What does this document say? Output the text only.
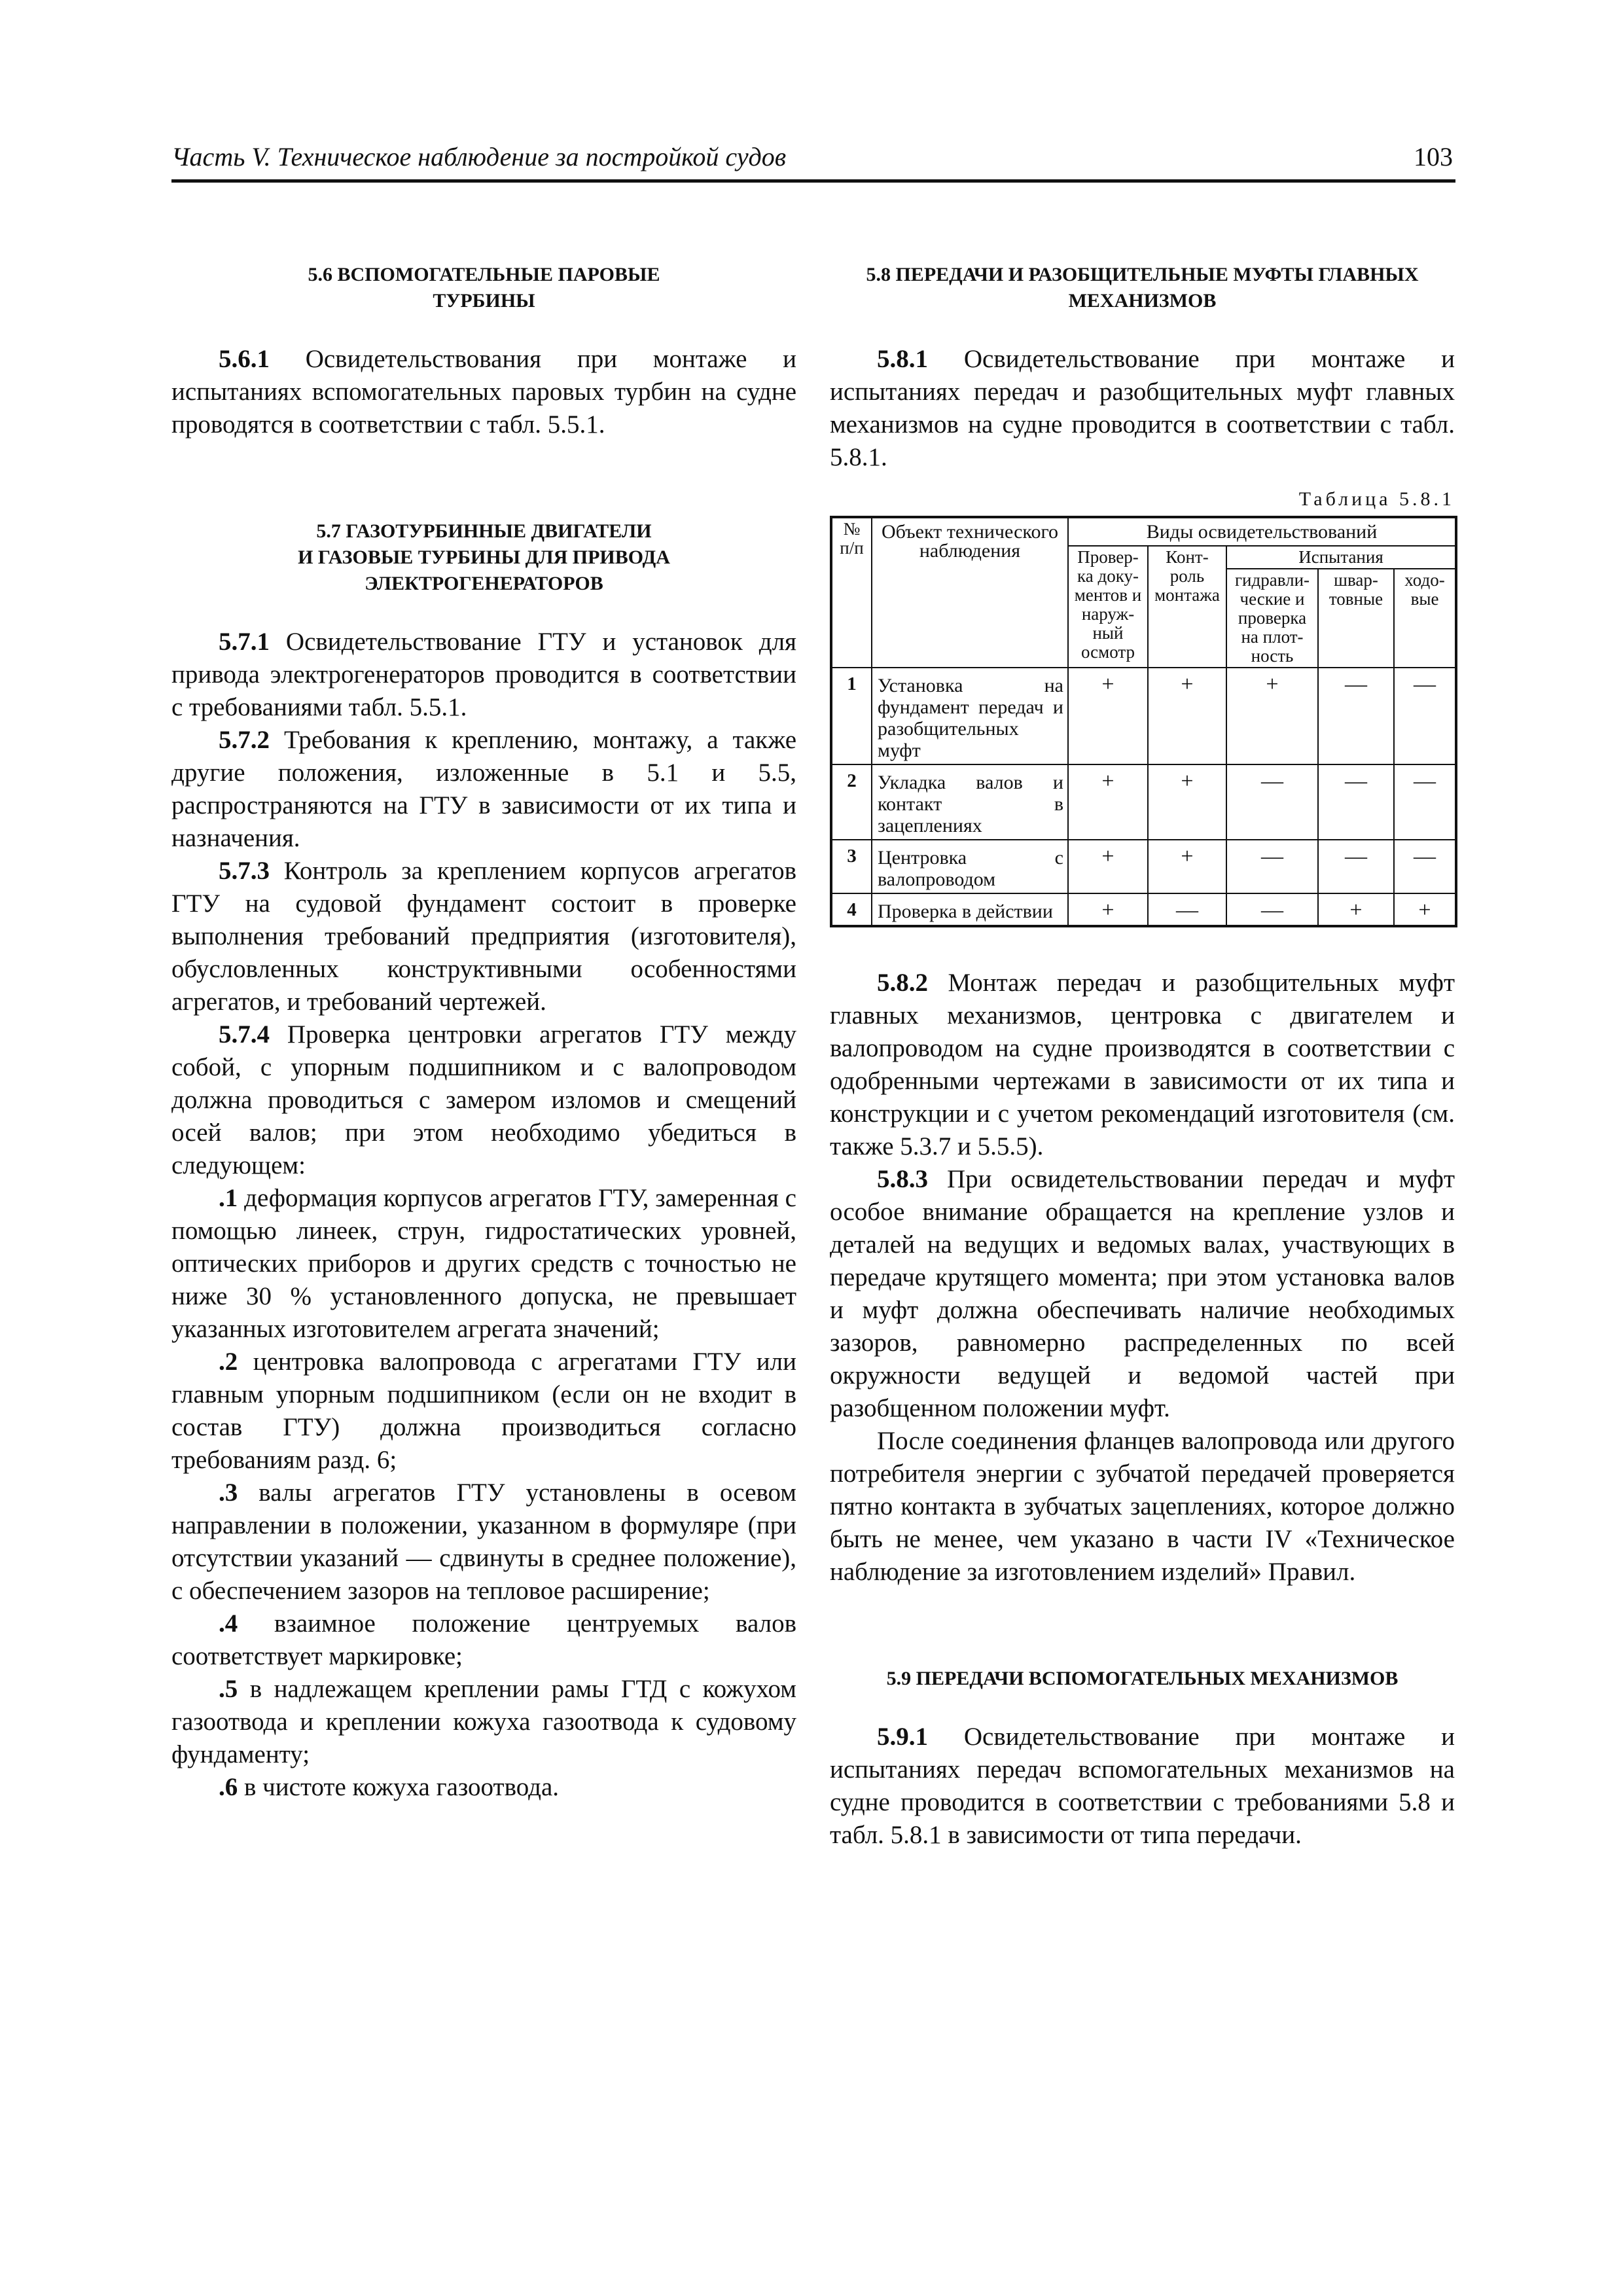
Часть V. Техническое наблюдение за постройкой судов	103
5.6 ВСПОМОГАТЕЛЬНЫЕ ПАРОВЫЕ
ТУРБИНЫ

5.6.1 Освидетельствования при монтаже и испытаниях вспомогательных паровых турбин на судне проводятся в соответствии с табл. 5.5.1.

5.7 ГАЗОТУРБИННЫЕ ДВИГАТЕЛИ
И ГАЗОВЫЕ ТУРБИНЫ ДЛЯ ПРИВОДА
ЭЛЕКТРОГЕНЕРАТОРОВ

5.7.1 Освидетельствование ГТУ и установок для привода электрогенераторов проводится в соответствии с требованиями табл. 5.5.1.

5.7.2 Требования к креплению, монтажу, а также другие положения, изложенные в 5.1 и 5.5, распространяются на ГТУ в зависимости от их типа и назначения.

5.7.3 Контроль за креплением корпусов агрегатов ГТУ на судовой фундамент состоит в проверке выполнения требований предприятия (изготовителя), обусловленных конструктивными особенностями агрегатов, и требований чертежей.

5.7.4 Проверка центровки агрегатов ГТУ между собой, с упорным подшипником и с валопроводом должна проводиться с замером изломов и смещений осей валов; при этом необходимо убедиться в следующем:

.1 деформация корпусов агрегатов ГТУ, замеренная с помощью линеек, струн, гидростатических уровней, оптических приборов и других средств с точностью не ниже 30 % установленного допуска, не превышает указанных изготовителем агрегата значений;

.2 центровка валопровода с агрегатами ГТУ или главным упорным подшипником (если он не входит в состав ГТУ) должна производиться согласно требованиям разд. 6;

.3 валы агрегатов ГТУ установлены в осевом направлении в положении, указанном в формуляре (при отсутствии указаний — сдвинуты в среднее положение), с обеспечением зазоров на тепловое расширение;

.4 взаимное положение центруемых валов соответствует маркировке;

.5 в надлежащем креплении рамы ГТД с кожухом газоотвода и креплении кожуха газоотвода к судовому фундаменту;

.6 в чистоте кожуха газоотвода.

5.8 ПЕРЕДАЧИ И РАЗОБЩИТЕЛЬНЫЕ МУФТЫ ГЛАВНЫХ
МЕХАНИЗМОВ

5.8.1 Освидетельствование при монтаже и испытаниях передач и разобщительных муфт главных механизмов на судне проводится в соответствии с табл. 5.8.1.

Таблица 5.8.1
№ п/п	Объект технического наблюдения	Виды освидетельствований				
		Провер-ка доку-ментов и наруж-ный осмотр	Конт-роль монтажа	Испытания		
				гидравли-ческие и проверка на плот-ность	швар-товные	ходо-вые
1	Установка на фундамент передач и разобщительных муфт	+	+	+	—	—
2	Укладка валов и контакт в зацеплениях	+	+	—	—	—
3	Центровка с валопроводом	+	+	—	—	—
4	Проверка в действии	+	—	—	+	+

5.8.2 Монтаж передач и разобщительных муфт главных механизмов, центровка с двигателем и валопроводом на судне производятся в соответствии с одобренными чертежами в зависимости от их типа и конструкции и с учетом рекомендаций изготовителя (см. также 5.3.7 и 5.5.5).

5.8.3 При освидетельствовании передач и муфт особое внимание обращается на крепление узлов и деталей на ведущих и ведомых валах, участвующих в передаче крутящего момента; при этом установка валов и муфт должна обеспечивать наличие необходимых зазоров, равномерно распределенных по всей окружности ведущей и ведомой частей при разобщенном положении муфт.

После соединения фланцев валопровода или другого потребителя энергии с зубчатой передачей проверяется пятно контакта в зубчатых зацеплениях, которое должно быть не менее, чем указано в части IV «Техническое наблюдение за изготовлением изделий» Правил.

5.9 ПЕРЕДАЧИ ВСПОМОГАТЕЛЬНЫХ МЕХАНИЗМОВ

5.9.1 Освидетельствование при монтаже и испытаниях передач вспомогательных механизмов на судне проводится в соответствии с требованиями 5.8 и табл. 5.8.1 в зависимости от типа передачи.
